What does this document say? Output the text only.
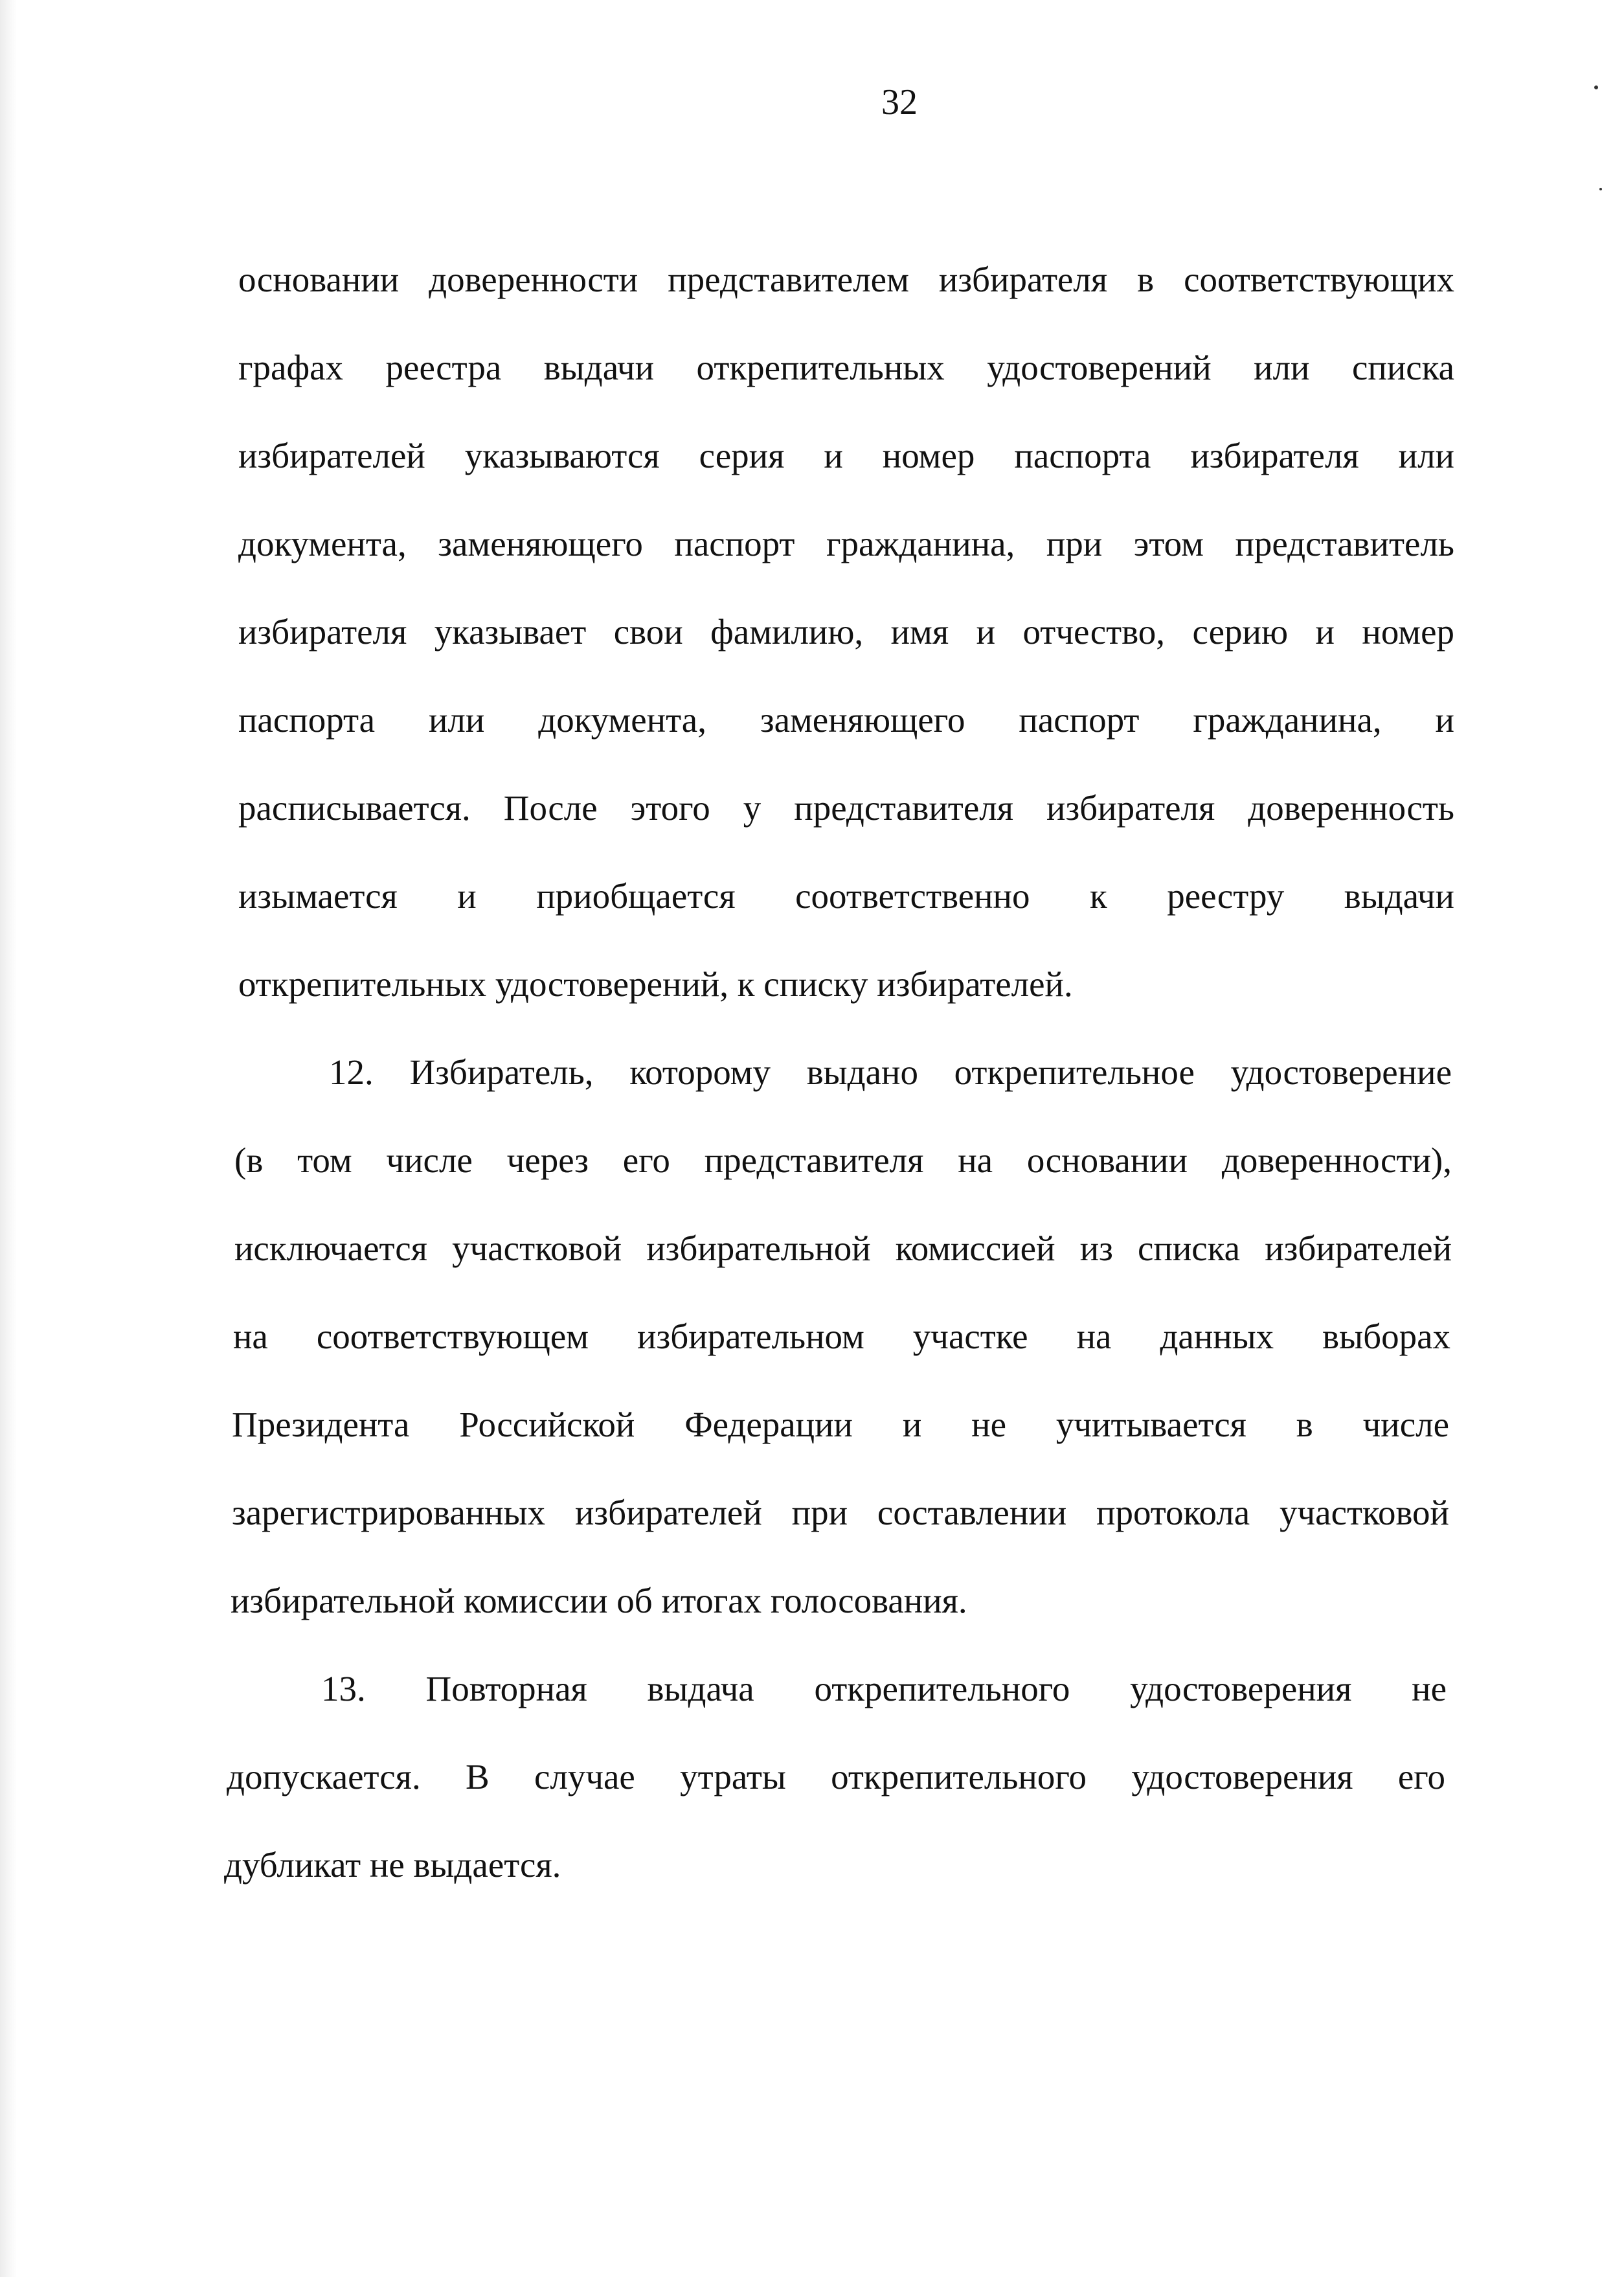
32
основании доверенности представителем избирателя в соответствующих
графах реестра выдачи открепительных удостоверений или списка
избирателей указываются серия и номер паспорта избирателя или
документа, заменяющего паспорт гражданина, при этом представитель
избирателя указывает свои фамилию, имя и отчество, серию и номер
паспорта или документа, заменяющего паспорт гражданина, и
расписывается. После этого у представителя избирателя доверенность
изымается и приобщается соответственно к реестру выдачи
открепительных удостоверений, к списку избирателей.
12. Избиратель, которому выдано открепительное удостоверение
(в том числе через его представителя на основании доверенности),
исключается участковой избирательной комиссией из списка избирателей
на соответствующем избирательном участке на данных выборах
Президента Российской Федерации и не учитывается в числе
зарегистрированных избирателей при составлении протокола участковой
избирательной комиссии об итогах голосования.
13. Повторная выдача открепительного удостоверения не
допускается. В случае утраты открепительного удостоверения его
дубликат не выдается.
